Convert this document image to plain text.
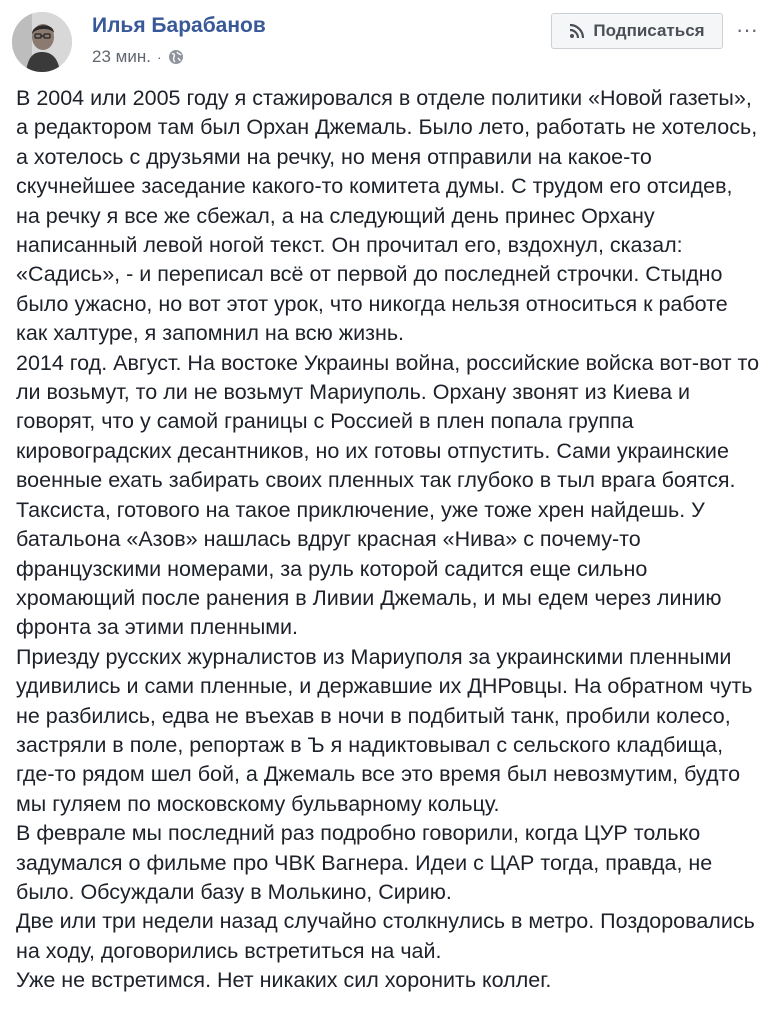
Илья Барабанов
23 мин. ·
Подписаться ···

В 2004 или 2005 году я стажировался в отделе политики «Новой газеты», а редактором там был Орхан Джемаль. Было лето, работать не хотелось, а хотелось с друзьями на речку, но меня отправили на какое-то скучнейшее заседание какого-то комитета думы. С трудом его отсидев, на речку я все же сбежал, а на следующий день принес Орхану написанный левой ногой текст. Он прочитал его, вздохнул, сказал: «Садись», - и переписал всё от первой до последней строчки. Стыдно было ужасно, но вот этот урок, что никогда нельзя относиться к работе как халтуре, я запомнил на всю жизнь.

2014 год. Август. На востоке Украины война, российские войска вот-вот то ли возьмут, то ли не возьмут Мариуполь. Орхану звонят из Киева и говорят, что у самой границы с Россией в плен попала группа кировоградских десантников, но их готовы отпустить. Сами украинские военные ехать забирать своих пленных так глубоко в тыл врага боятся. Таксиста, готового на такое приключение, уже тоже хрен найдешь. У батальона «Азов» нашлась вдруг красная «Нива» с почему-то французскими номерами, за руль которой садится еще сильно хромающий после ранения в Ливии Джемаль, и мы едем через линию фронта за этими пленными.

Приезду русских журналистов из Мариуполя за украинскими пленными удивились и сами пленные, и державшие их ДНРовцы. На обратном чуть не разбились, едва не въехав в ночи в подбитый танк, пробили колесо, застряли в поле, репортаж в Ъ я надиктовывал с сельского кладбища, где-то рядом шел бой, а Джемаль все это время был невозмутим, будто мы гуляем по московскому бульварному кольцу.

В феврале мы последний раз подробно говорили, когда ЦУР только задумался о фильме про ЧВК Вагнера. Идеи с ЦАР тогда, правда, не было. Обсуждали базу в Молькино, Сирию.

Две или три недели назад случайно столкнулись в метро. Поздоровались на ходу, договорились встретиться на чай.

Уже не встретимся. Нет никаких сил хоронить коллег.
